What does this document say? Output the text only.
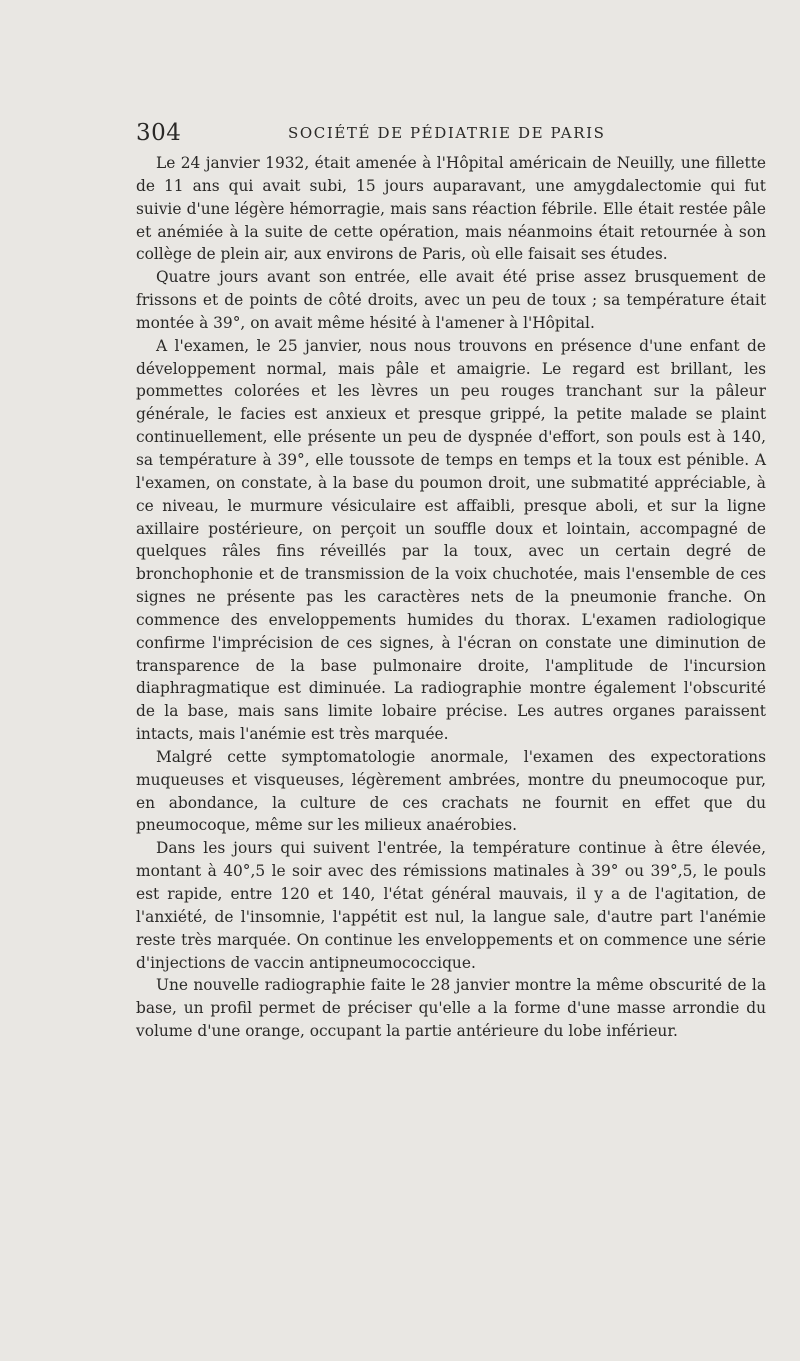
304	SOCIÉTÉ DE PÉDIATRIE DE PARIS

Le 24 janvier 1932, était amenée à l'Hôpital américain de Neuilly, une fillette de 11 ans qui avait subi, 15 jours auparavant, une amygdalectomie qui fut suivie d'une légère hémorragie, mais sans réaction fébrile. Elle était restée pâle et anémiée à la suite de cette opération, mais néanmoins était retournée à son collège de plein air, aux environs de Paris, où elle faisait ses études.

Quatre jours avant son entrée, elle avait été prise assez brusquement de frissons et de points de côté droits, avec un peu de toux ; sa température était montée à 39°, on avait même hésité à l'amener à l'Hôpital.

A l'examen, le 25 janvier, nous nous trouvons en présence d'une enfant de développement normal, mais pâle et amaigrie. Le regard est brillant, les pommettes colorées et les lèvres un peu rouges tranchant sur la pâleur générale, le facies est anxieux et presque grippé, la petite malade se plaint continuellement, elle présente un peu de dyspnée d'effort, son pouls est à 140, sa température à 39°, elle toussote de temps en temps et la toux est pénible. A l'examen, on constate, à la base du poumon droit, une submatité appréciable, à ce niveau, le murmure vésiculaire est affaibli, presque aboli, et sur la ligne axillaire postérieure, on perçoit un souffle doux et lointain, accompagné de quelques râles fins réveillés par la toux, avec un certain degré de bronchophonie et de transmission de la voix chuchotée, mais l'ensemble de ces signes ne présente pas les caractères nets de la pneumonie franche. On commence des enveloppements humides du thorax. L'examen radiologique confirme l'imprécision de ces signes, à l'écran on constate une diminution de transparence de la base pulmonaire droite, l'amplitude de l'incursion diaphragmatique est diminuée. La radiographie montre également l'obscurité de la base, mais sans limite lobaire précise. Les autres organes paraissent intacts, mais l'anémie est très marquée.

Malgré cette symptomatologie anormale, l'examen des expectorations muqueuses et visqueuses, légèrement ambrées, montre du pneumocoque pur, en abondance, la culture de ces crachats ne fournit en effet que du pneumocoque, même sur les milieux anaérobies.

Dans les jours qui suivent l'entrée, la température continue à être élevée, montant à 40°,5 le soir avec des rémissions matinales à 39° ou 39°,5, le pouls est rapide, entre 120 et 140, l'état général mauvais, il y a de l'agitation, de l'anxiété, de l'insomnie, l'appétit est nul, la langue sale, d'autre part l'anémie reste très marquée. On continue les enveloppements et on commence une série d'injections de vaccin antipneumococcique.

Une nouvelle radiographie faite le 28 janvier montre la même obscurité de la base, un profil permet de préciser qu'elle a la forme d'une masse arrondie du volume d'une orange, occupant la partie antérieure du lobe inférieur.
